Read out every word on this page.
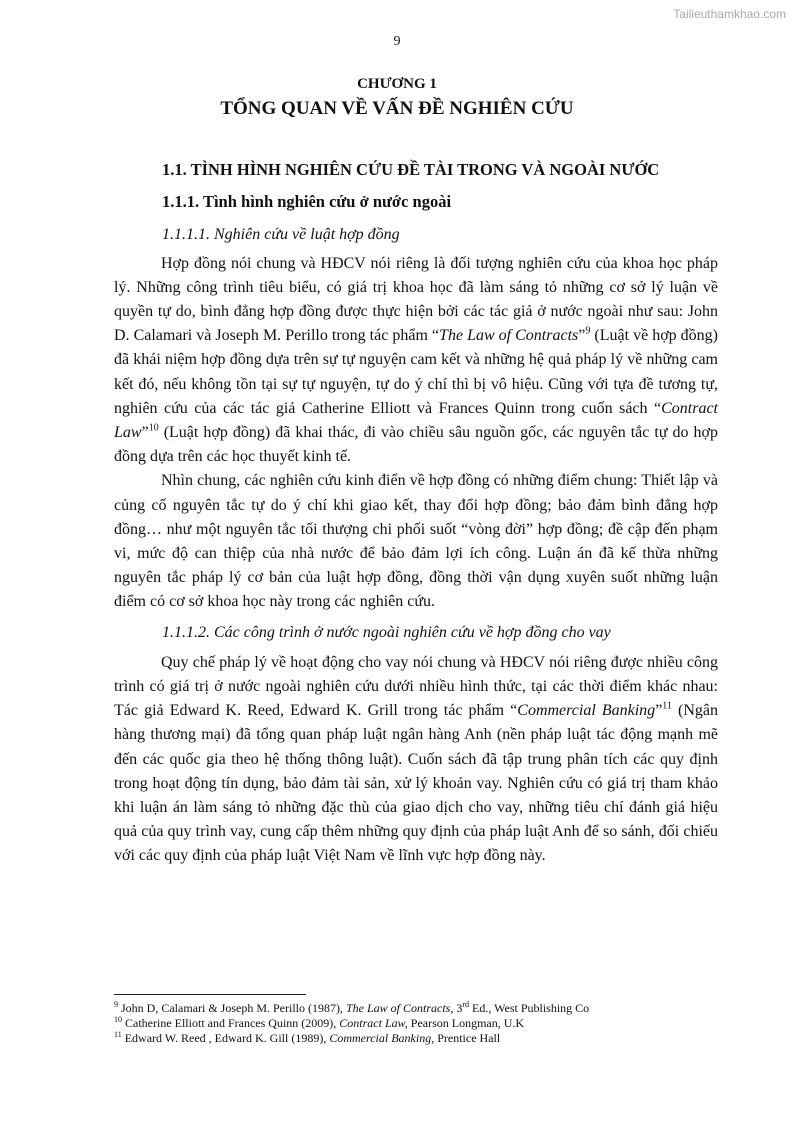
Tailieuthamkhao.com
9
CHƯƠNG 1
TỔNG QUAN VỀ VẤN ĐỀ NGHIÊN CỨU
1.1. TÌNH HÌNH NGHIÊN CỨU ĐỀ TÀI TRONG VÀ NGOÀI NƯỚC
1.1.1. Tình hình nghiên cứu ở nước ngoài
1.1.1.1. Nghiên cứu về luật hợp đồng

Hợp đồng nói chung và HĐCV nói riêng là đối tượng nghiên cứu của khoa học pháp lý. Những công trình tiêu biểu, có giá trị khoa học đã làm sáng tỏ những cơ sở lý luận về quyền tự do, bình đẳng hợp đồng được thực hiện bởi các tác giả ở nước ngoài như sau: John D. Calamari và Joseph M. Perillo trong tác phẩm “The Law of Contracts”$^9$ (Luật về hợp đồng) đã khái niệm hợp đồng dựa trên sự tự nguyện cam kết và những hệ quả pháp lý về những cam kết đó, nếu không tồn tại sự tự nguyện, tự do ý chí thì bị vô hiệu. Cũng với tựa đề tương tự, nghiên cứu của các tác giả Catherine Elliott và Frances Quinn trong cuốn sách “Contract Law”$^{10}$ (Luật hợp đồng) đã khai thác, đi vào chiều sâu nguồn gốc, các nguyên tắc tự do hợp đồng dựa trên các học thuyết kinh tế.

Nhìn chung, các nghiên cứu kinh điển về hợp đồng có những điểm chung: Thiết lập và củng cố nguyên tắc tự do ý chí khi giao kết, thay đổi hợp đồng; bảo đảm bình đẳng hợp đồng… như một nguyên tắc tối thượng chi phối suốt “vòng đời” hợp đồng; đề cập đến phạm vi, mức độ can thiệp của nhà nước để bảo đảm lợi ích công. Luận án đã kế thừa những nguyên tắc pháp lý cơ bản của luật hợp đồng, đồng thời vận dụng xuyên suốt những luận điểm có cơ sở khoa học này trong các nghiên cứu.

1.1.1.2. Các công trình ở nước ngoài nghiên cứu về hợp đồng cho vay

Quy chế pháp lý về hoạt động cho vay nói chung và HĐCV nói riêng được nhiều công trình có giá trị ở nước ngoài nghiên cứu dưới nhiều hình thức, tại các thời điểm khác nhau: Tác giả Edward K. Reed, Edward K. Grill trong tác phẩm “Commercial Banking”$^{11}$ (Ngân hàng thương mại) đã tổng quan pháp luật ngân hàng Anh (nền pháp luật tác động mạnh mẽ đến các quốc gia theo hệ thống thông luật). Cuốn sách đã tập trung phân tích các quy định trong hoạt động tín dụng, bảo đảm tài sản, xử lý khoản vay. Nghiên cứu có giá trị tham khảo khi luận án làm sáng tỏ những đặc thù của giao dịch cho vay, những tiêu chí đánh giá hiệu quả của quy trình vay, cung cấp thêm những quy định của pháp luật Anh để so sánh, đối chiếu với các quy định của pháp luật Việt Nam về lĩnh vực hợp đồng này.

$^9$ John D, Calamari & Joseph M. Perillo (1987), The Law of Contracts, 3rd Ed., West Publishing Co
$^{10}$ Catherine Elliott and Frances Quinn (2009), Contract Law, Pearson Longman, U.K
$^{11}$ Edward W. Reed , Edward K. Gill (1989), Commercial Banking, Prentice Hall
